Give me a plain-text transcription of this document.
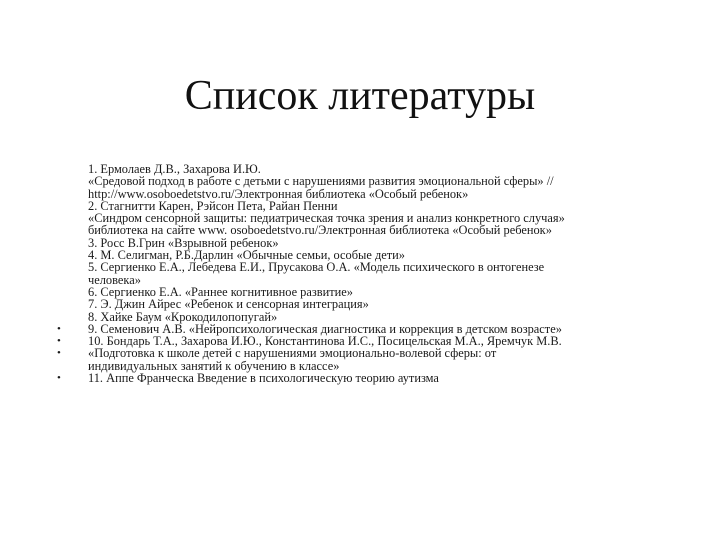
Список литературы
1. Ермолаев Д.В., Захарова И.Ю.
«Средовой подход в работе с детьми с нарушениями развития эмоциональной сферы» //
http://www.osobоedetstvo.ru/Электронная библиотека «Особый ребенок»
2. Стагнитти Карен, Рэйсон Пета, Райан Пенни
«Синдром сенсорной защиты: педиатрическая точка зрения и анализ конкретного случая»
библиотека на сайте www. osobоedetstvo.ru/Электронная библиотека «Особый ребенок»
3. Росс В.Грин «Взрывной ребенок»
4. М. Селигман, Р.Б.Дарлин «Обычные семьи, особые дети»
5. Сергиенко Е.А., Лебедева Е.И., Прусакова О.А. «Модель психического в онтогенезе
человека»
6. Сергиенко Е.А. «Раннее когнитивное развитие»
7. Э. Джин Айрес «Ребенок и сенсорная интеграция»
8. Хайке Баум «Крокодилопопугай»
• 9. Семенович А.В. «Нейропсихологическая диагностика и коррекция в детском возрасте»
• 10. Бондарь Т.А., Захарова И.Ю., Константинова И.С., Посицельская М.А., Яремчук М.В.
• «Подготовка к школе детей с нарушениями эмоционально-волевой сферы: от
индивидуальных занятий к обучению в классе»
• 11. Аппе Франческа Введение в психологическую теорию аутизма
